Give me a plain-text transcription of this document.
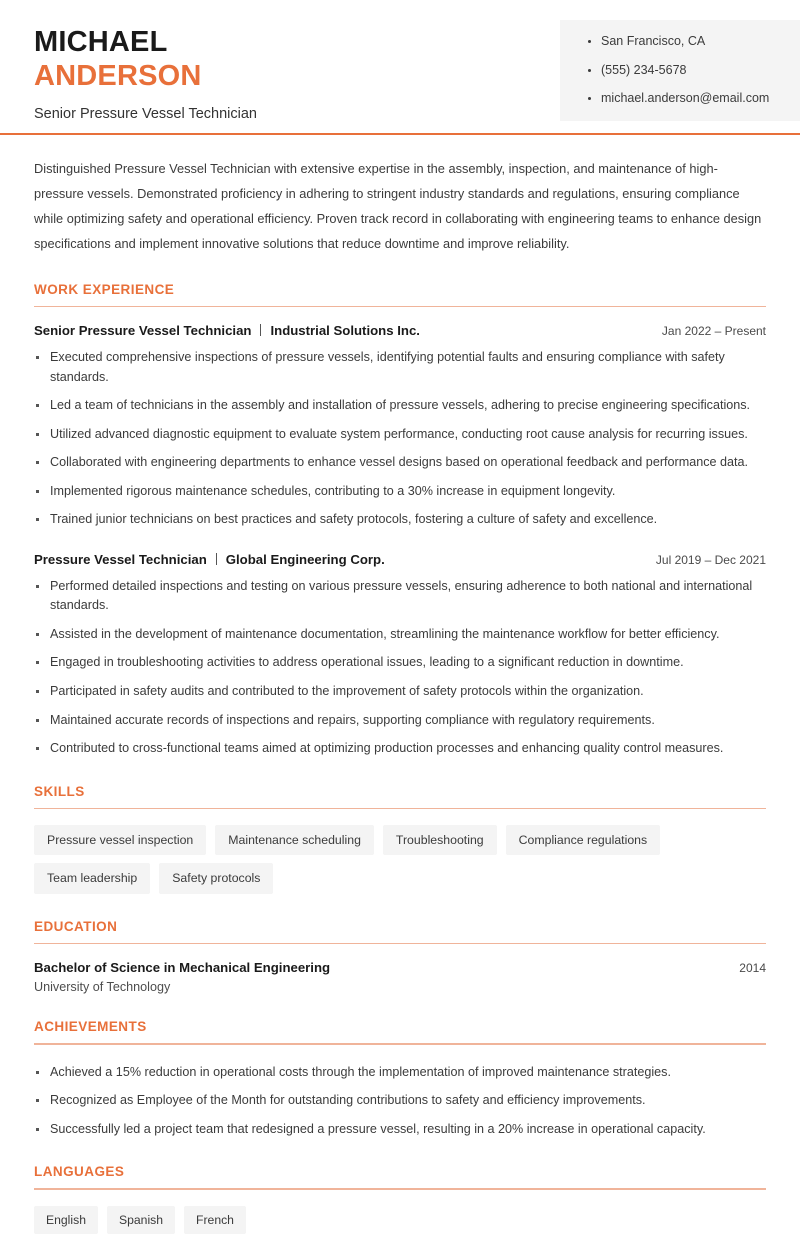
MICHAEL
ANDERSON
Senior Pressure Vessel Technician
San Francisco, CA
(555) 234-5678
michael.anderson@email.com

Distinguished Pressure Vessel Technician with extensive expertise in the assembly, inspection, and maintenance of high-pressure vessels. Demonstrated proficiency in adhering to stringent industry standards and regulations, ensuring compliance while optimizing safety and operational efficiency. Proven track record in collaborating with engineering teams to enhance design specifications and implement innovative solutions that reduce downtime and improve reliability.

WORK EXPERIENCE
Senior Pressure Vessel Technician Industrial Solutions Inc.	Jan 2022 – Present
Executed comprehensive inspections of pressure vessels, identifying potential faults and ensuring compliance with safety standards.
Led a team of technicians in the assembly and installation of pressure vessels, adhering to precise engineering specifications.
Utilized advanced diagnostic equipment to evaluate system performance, conducting root cause analysis for recurring issues.
Collaborated with engineering departments to enhance vessel designs based on operational feedback and performance data.
Implemented rigorous maintenance schedules, contributing to a 30% increase in equipment longevity.
Trained junior technicians on best practices and safety protocols, fostering a culture of safety and excellence.
Pressure Vessel Technician Global Engineering Corp.	Jul 2019 – Dec 2021
Performed detailed inspections and testing on various pressure vessels, ensuring adherence to both national and international standards.
Assisted in the development of maintenance documentation, streamlining the maintenance workflow for better efficiency.
Engaged in troubleshooting activities to address operational issues, leading to a significant reduction in downtime.
Participated in safety audits and contributed to the improvement of safety protocols within the organization.
Maintained accurate records of inspections and repairs, supporting compliance with regulatory requirements.
Contributed to cross-functional teams aimed at optimizing production processes and enhancing quality control measures.
SKILLS
Pressure vessel inspection	Maintenance scheduling	Troubleshooting	Compliance regulations
Team leadership	Safety protocols
EDUCATION
Bachelor of Science in Mechanical Engineering	2014
University of Technology
ACHIEVEMENTS
Achieved a 15% reduction in operational costs through the implementation of improved maintenance strategies.
Recognized as Employee of the Month for outstanding contributions to safety and efficiency improvements.
Successfully led a project team that redesigned a pressure vessel, resulting in a 20% increase in operational capacity.
LANGUAGES
English	Spanish	French
